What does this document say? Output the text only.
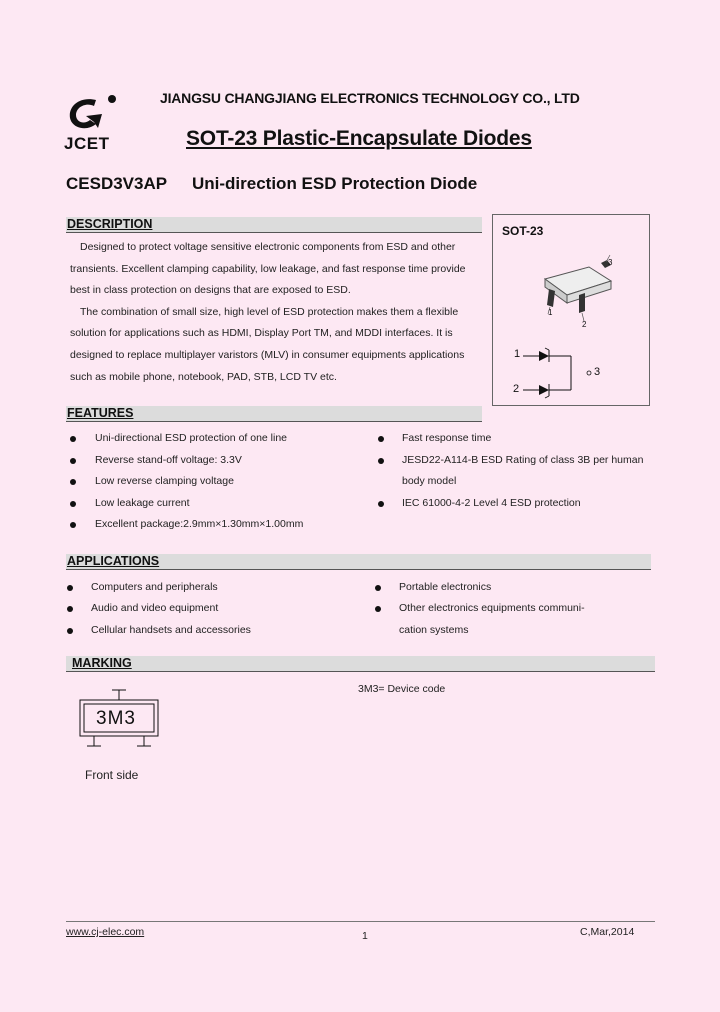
JCET
JIANGSU CHANGJIANG ELECTRONICS TECHNOLOGY CO., LTD
SOT-23 Plastic-Encapsulate Diodes
CESD3V3AP Uni-direction ESD Protection Diode
DESCRIPTION

Designed to protect voltage sensitive electronic components from ESD and other

transients. Excellent clamping capability, low leakage, and fast response time provide

best in class protection on designs that are exposed to ESD.

The combination of small size, high level of ESD protection makes them a flexible

solution for applications such as HDMI, Display Port TM, and MDDI interfaces. It is

designed to replace multiplayer varistors (MLV) in consumer equipments applications

such as mobile phone, notebook, PAD, STB, LCD TV etc.

SOT-23
3
1
2
1
2
3
FEATURES
Uni-directional ESD protection of one line
Reverse stand-off voltage: 3.3V
Low reverse clamping voltage
Low leakage current
Excellent package:2.9mm×1.30mm×1.00mm
Fast response time
JESD22-A114-B ESD Rating of class 3B per human
body model
IEC 61000-4-2 Level 4 ESD protection
APPLICATIONS
Computers and peripherals
Audio and video equipment
Cellular handsets and accessories
Portable electronics
Other electronics equipments communi-
cation systems
MARKING
3M3
3M3= Device code
Front side
www.cj-elec.com	1	C,Mar,2014
